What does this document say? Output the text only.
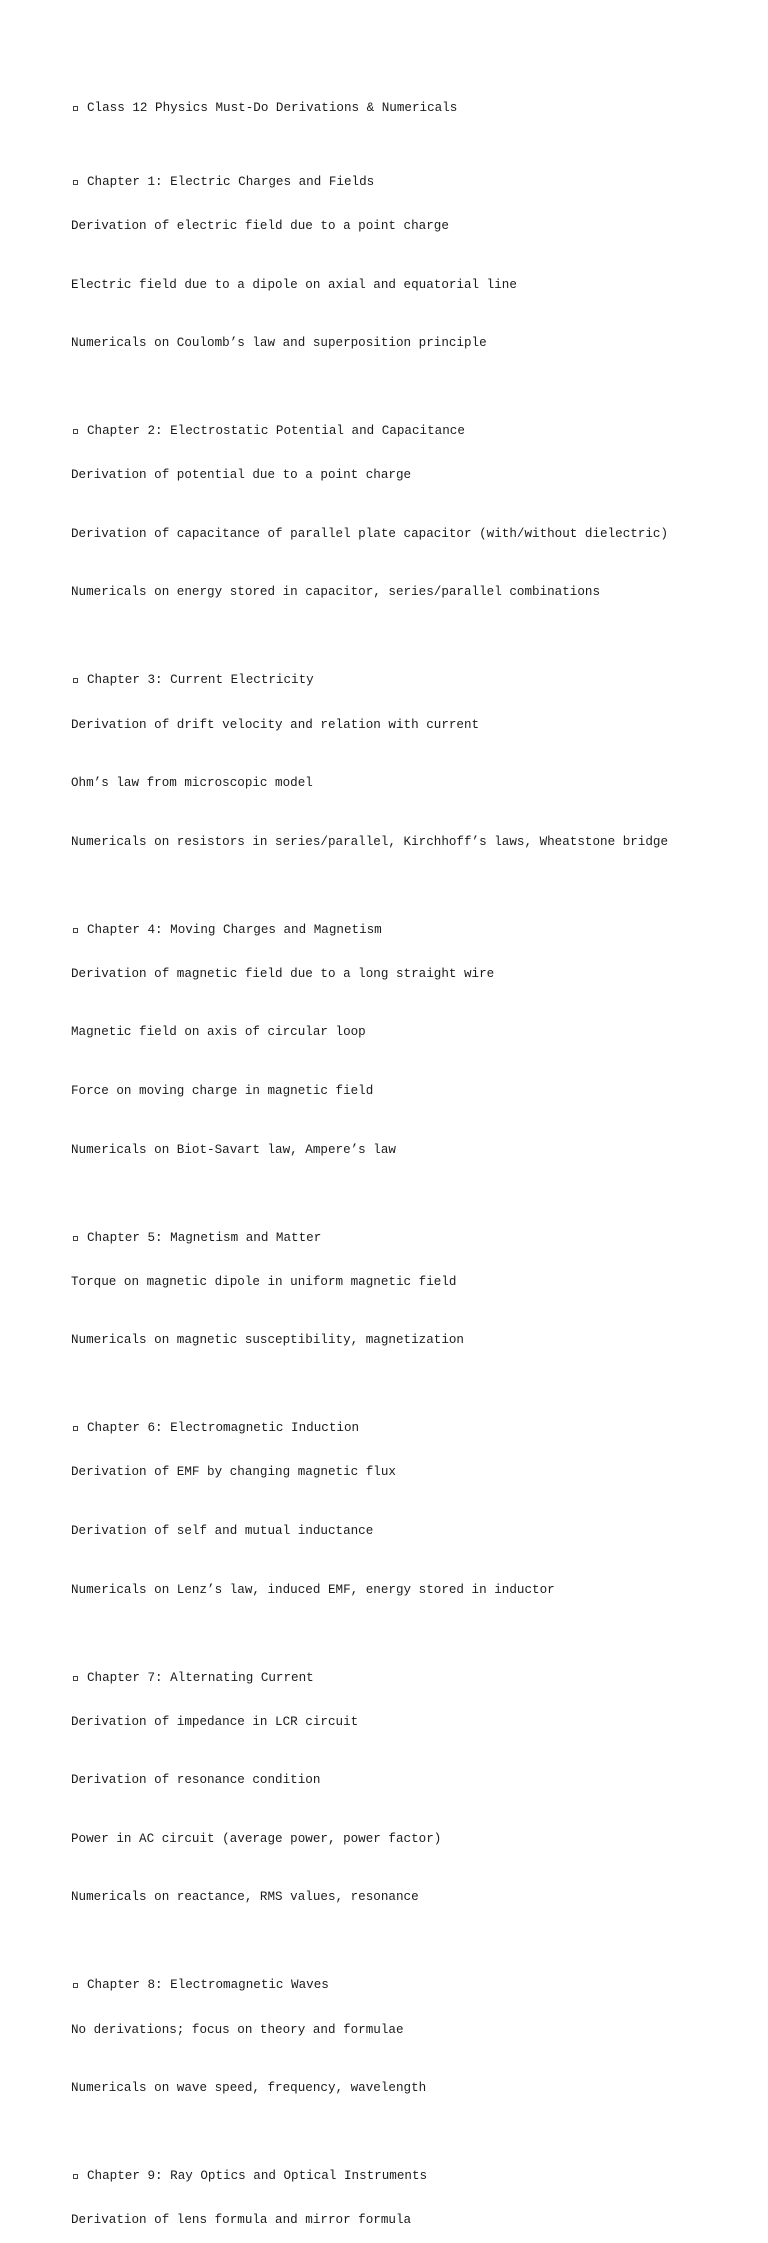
Class 12 Physics Must-Do Derivations & Numericals

Chapter 1: Electric Charges and Fields

Derivation of electric field due to a point charge

Electric field due to a dipole on axial and equatorial line

Numericals on Coulomb’s law and superposition principle

Chapter 2: Electrostatic Potential and Capacitance

Derivation of potential due to a point charge

Derivation of capacitance of parallel plate capacitor (with/without dielectric)

Numericals on energy stored in capacitor, series/parallel combinations

Chapter 3: Current Electricity

Derivation of drift velocity and relation with current

Ohm’s law from microscopic model

Numericals on resistors in series/parallel, Kirchhoff’s laws, Wheatstone bridge

Chapter 4: Moving Charges and Magnetism

Derivation of magnetic field due to a long straight wire

Magnetic field on axis of circular loop

Force on moving charge in magnetic field

Numericals on Biot-Savart law, Ampere’s law

Chapter 5: Magnetism and Matter

Torque on magnetic dipole in uniform magnetic field

Numericals on magnetic susceptibility, magnetization

Chapter 6: Electromagnetic Induction

Derivation of EMF by changing magnetic flux

Derivation of self and mutual inductance

Numericals on Lenz’s law, induced EMF, energy stored in inductor

Chapter 7: Alternating Current

Derivation of impedance in LCR circuit

Derivation of resonance condition

Power in AC circuit (average power, power factor)

Numericals on reactance, RMS values, resonance

Chapter 8: Electromagnetic Waves

No derivations; focus on theory and formulae

Numericals on wave speed, frequency, wavelength

Chapter 9: Ray Optics and Optical Instruments

Derivation of lens formula and mirror formula
